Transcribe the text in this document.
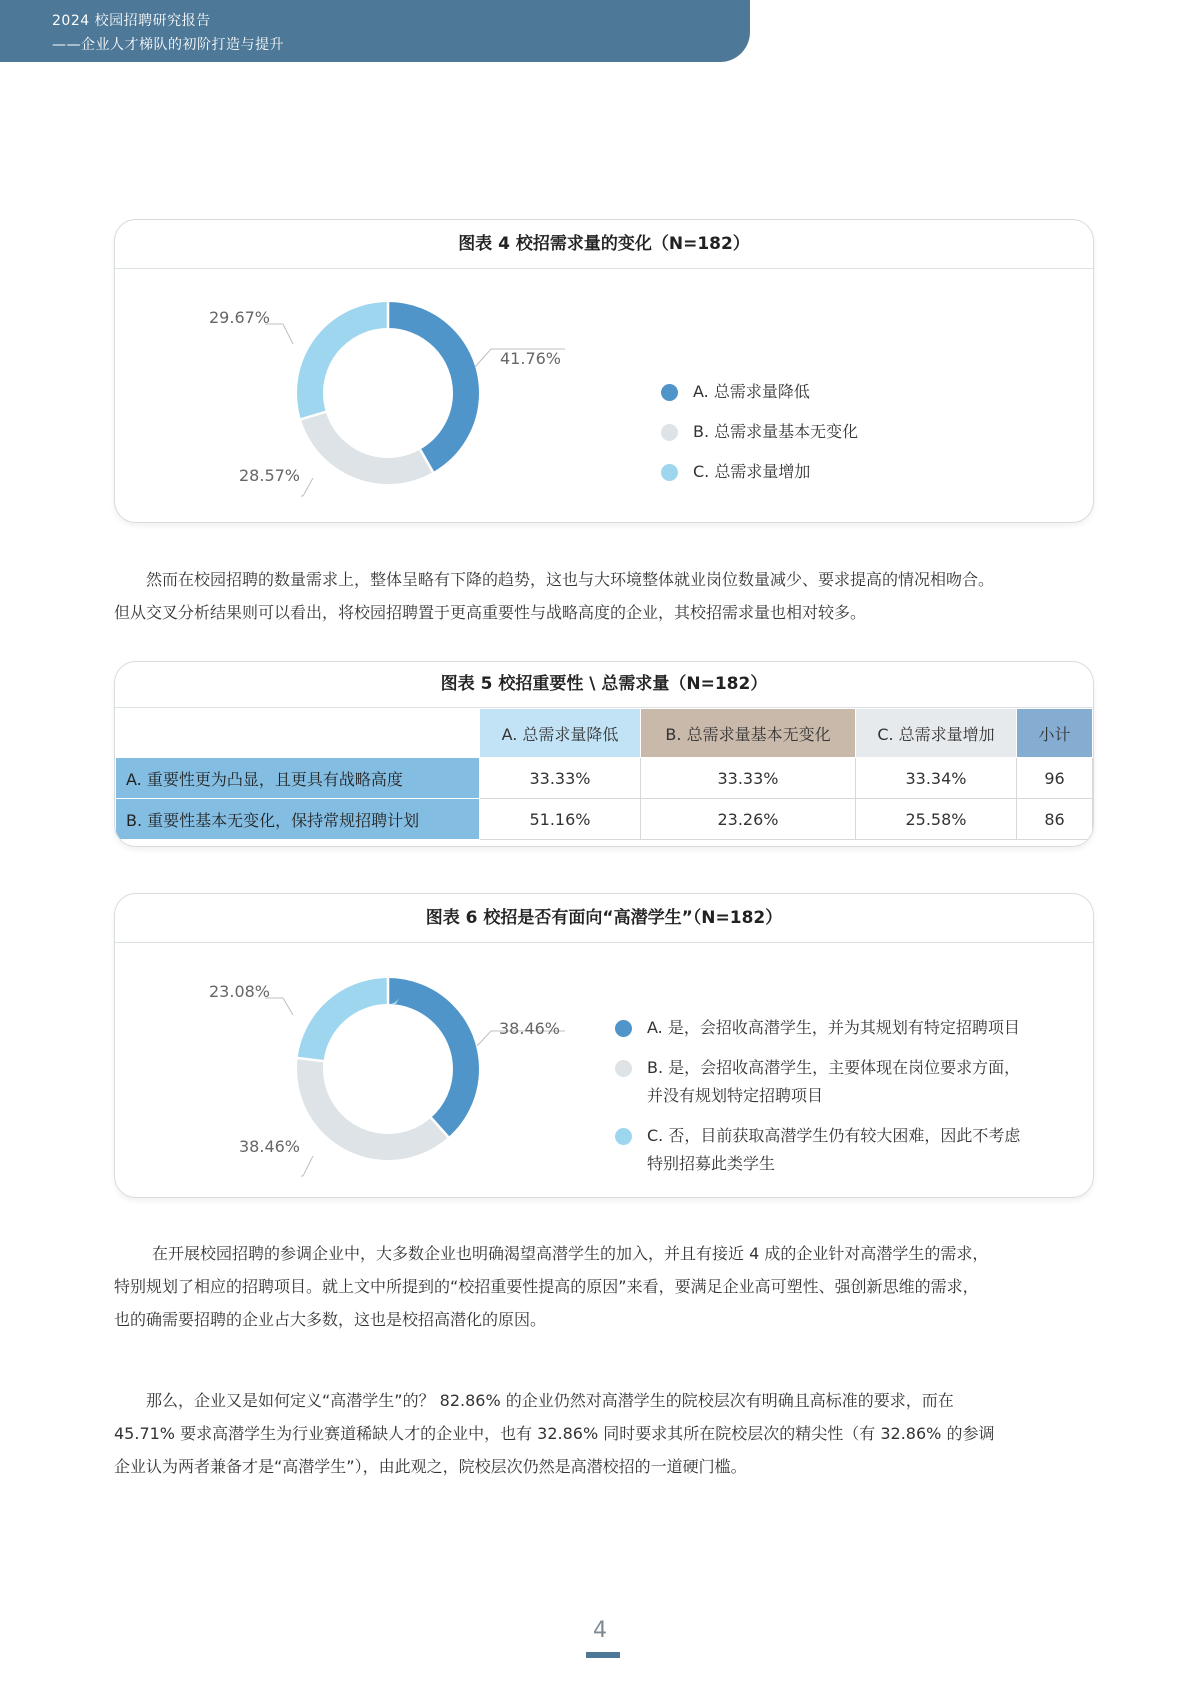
2024 校园招聘研究报告
——企业人才梯队的初阶打造与提升
图表 4 校招需求量的变化（N=182）
41.76%
28.57%
29.67%
A. 总需求量降低
B. 总需求量基本无变化
C. 总需求量增加

然而在校园招聘的数量需求上，整体呈略有下降的趋势，这也与大环境整体就业岗位数量减少、要求提高的情况相吻合。

但从交叉分析结果则可以看出，将校园招聘置于更高重要性与战略高度的企业，其校招需求量也相对较多。

图表 5 校招重要性 \ 总需求量（N=182）
	A. 总需求量降低	B. 总需求量基本无变化	C. 总需求量增加	小计
A. 重要性更为凸显，且更具有战略高度	33.33%	33.33%	33.34%	96
B. 重要性基本无变化，保持常规招聘计划	51.16%	23.26%	25.58%	86
图表 6 校招是否有面向“高潜学生”（N=182）
38.46%
38.46%
23.08%
A. 是，会招收高潜学生，并为其规划有特定招聘项目
B. 是，会招收高潜学生，主要体现在岗位要求方面，
并没有规划特定招聘项目
C. 否，目前获取高潜学生仍有较大困难，因此不考虑
特别招募此类学生

在开展校园招聘的参调企业中，大多数企业也明确渴望高潜学生的加入，并且有接近 4 成的企业针对高潜学生的需求，

特别规划了相应的招聘项目。就上文中所提到的“校招重要性提高的原因”来看，要满足企业高可塑性、强创新思维的需求，

也的确需要招聘的企业占大多数，这也是校招高潜化的原因。

那么，企业又是如何定义“高潜学生”的？ 82.86% 的企业仍然对高潜学生的院校层次有明确且高标准的要求，而在

45.71% 要求高潜学生为行业赛道稀缺人才的企业中，也有 32.86% 同时要求其所在院校层次的精尖性（有 32.86% 的参调

企业认为两者兼备才是“高潜学生”），由此观之，院校层次仍然是高潜校招的一道硬门槛。

4
